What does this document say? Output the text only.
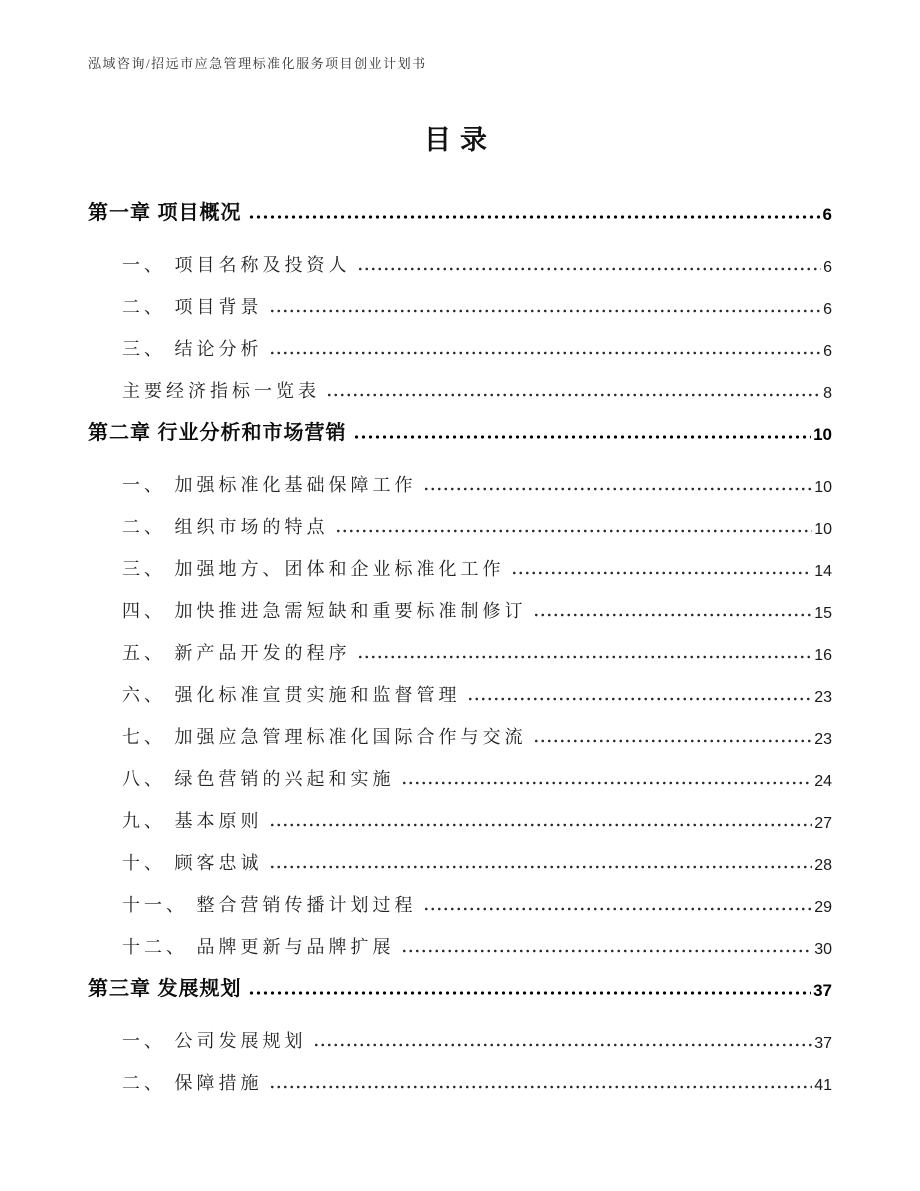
泓域咨询/招远市应急管理标准化服务项目创业计划书
目录
第一章 项目概况	6
一、 项目名称及投资人	6
二、 项目背景	6
三、 结论分析	6
主要经济指标一览表	8
第二章 行业分析和市场营销	10
一、 加强标准化基础保障工作	10
二、 组织市场的特点	10
三、 加强地方、团体和企业标准化工作	14
四、 加快推进急需短缺和重要标准制修订	15
五、 新产品开发的程序	16
六、 强化标准宣贯实施和监督管理	23
七、 加强应急管理标准化国际合作与交流	23
八、 绿色营销的兴起和实施	24
九、 基本原则	27
十、 顾客忠诚	28
十一、 整合营销传播计划过程	29
十二、 品牌更新与品牌扩展	30
第三章 发展规划	37
一、 公司发展规划	37
二、 保障措施	41
